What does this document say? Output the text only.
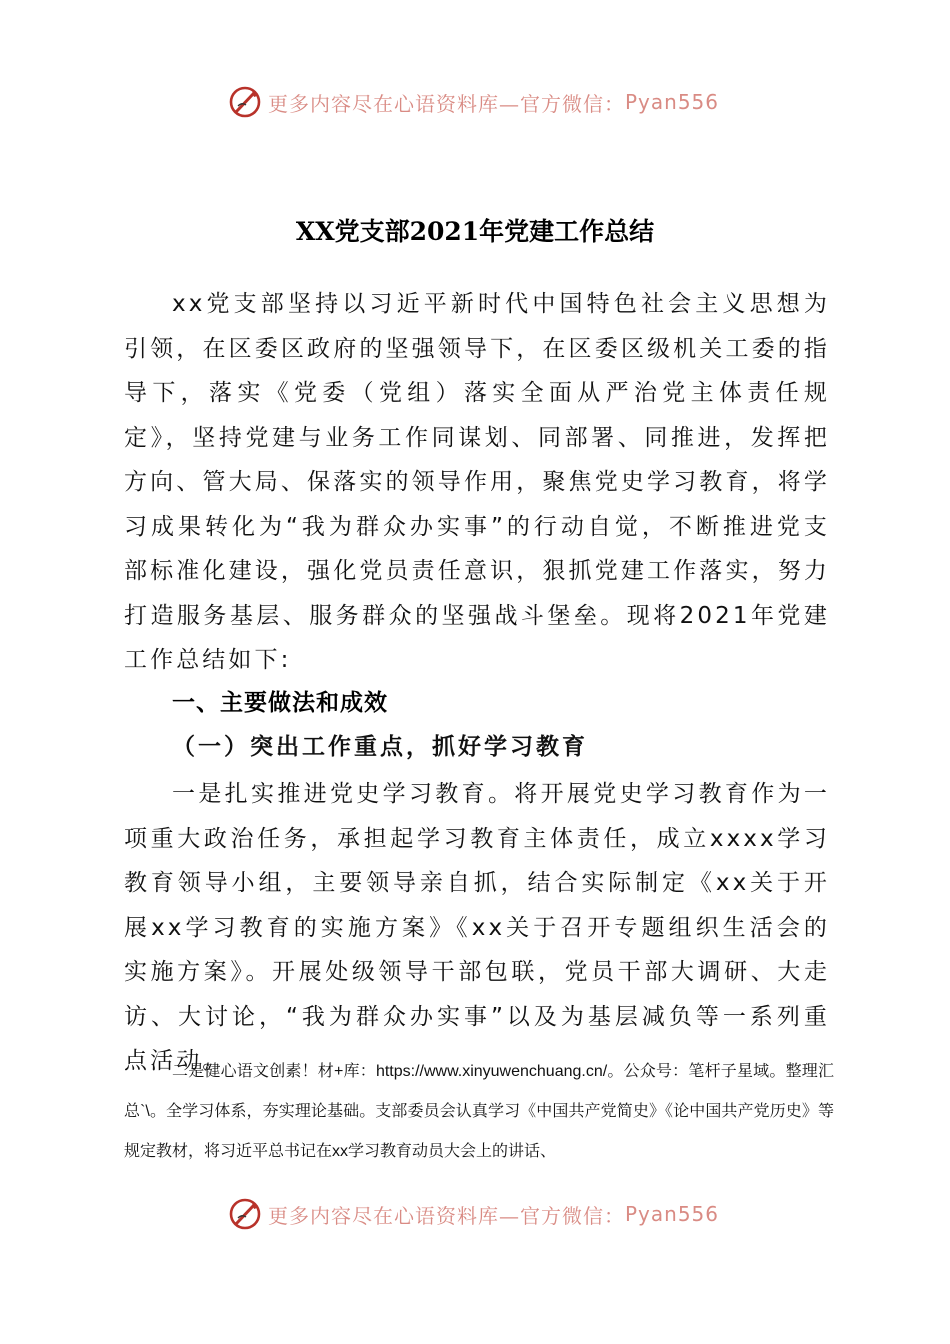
更多内容尽在心语资料库—官方微信： Pyan556
XX党支部2021年党建工作总结

xx党支部坚持以习近平新时代中国特色社会主义思想为引领，在区委区政府的坚强领导下，在区委区级机关工委的指导下，落实《党委（党组）落实全面从严治党主体责任规定》，坚持党建与业务工作同谋划、同部署、同推进，发挥把方向、管大局、保落实的领导作用，聚焦党史学习教育，将学习成果转化为“我为群众办实事”的行动自觉，不断推进党支部标准化建设，强化党员责任意识，狠抓党建工作落实，努力打造服务基层、服务群众的坚强战斗堡垒。现将2021年党建工作总结如下:

一、主要做法和成效
（一）突出工作重点，抓好学习教育

一是扎实推进党史学习教育。将开展党史学习教育作为一项重大政治任务，承担起学习教育主体责任，成立xxxx学习教育领导小组，主要领导亲自抓，结合实际制定《xx关于开展xx学习教育的实施方案》《xx关于召开专题组织生活会的实施方案》。开展处级领导干部包联，党员干部大调研、大走访、大讨论，“我为群众办实事”以及为基层减负等一系列重点活动。

二是健心语文创素！材+库：https://www.xinyuwenchuang.cn/。公众号：笔杆子星域。整理汇总`\。全学习体系，夯实理论基础。支部委员会认真学习《中国共产党简史》《论中国共产党历史》等规定教材，将习近平总书记在xx学习教育动员大会上的讲话、

更多内容尽在心语资料库—官方微信： Pyan556
